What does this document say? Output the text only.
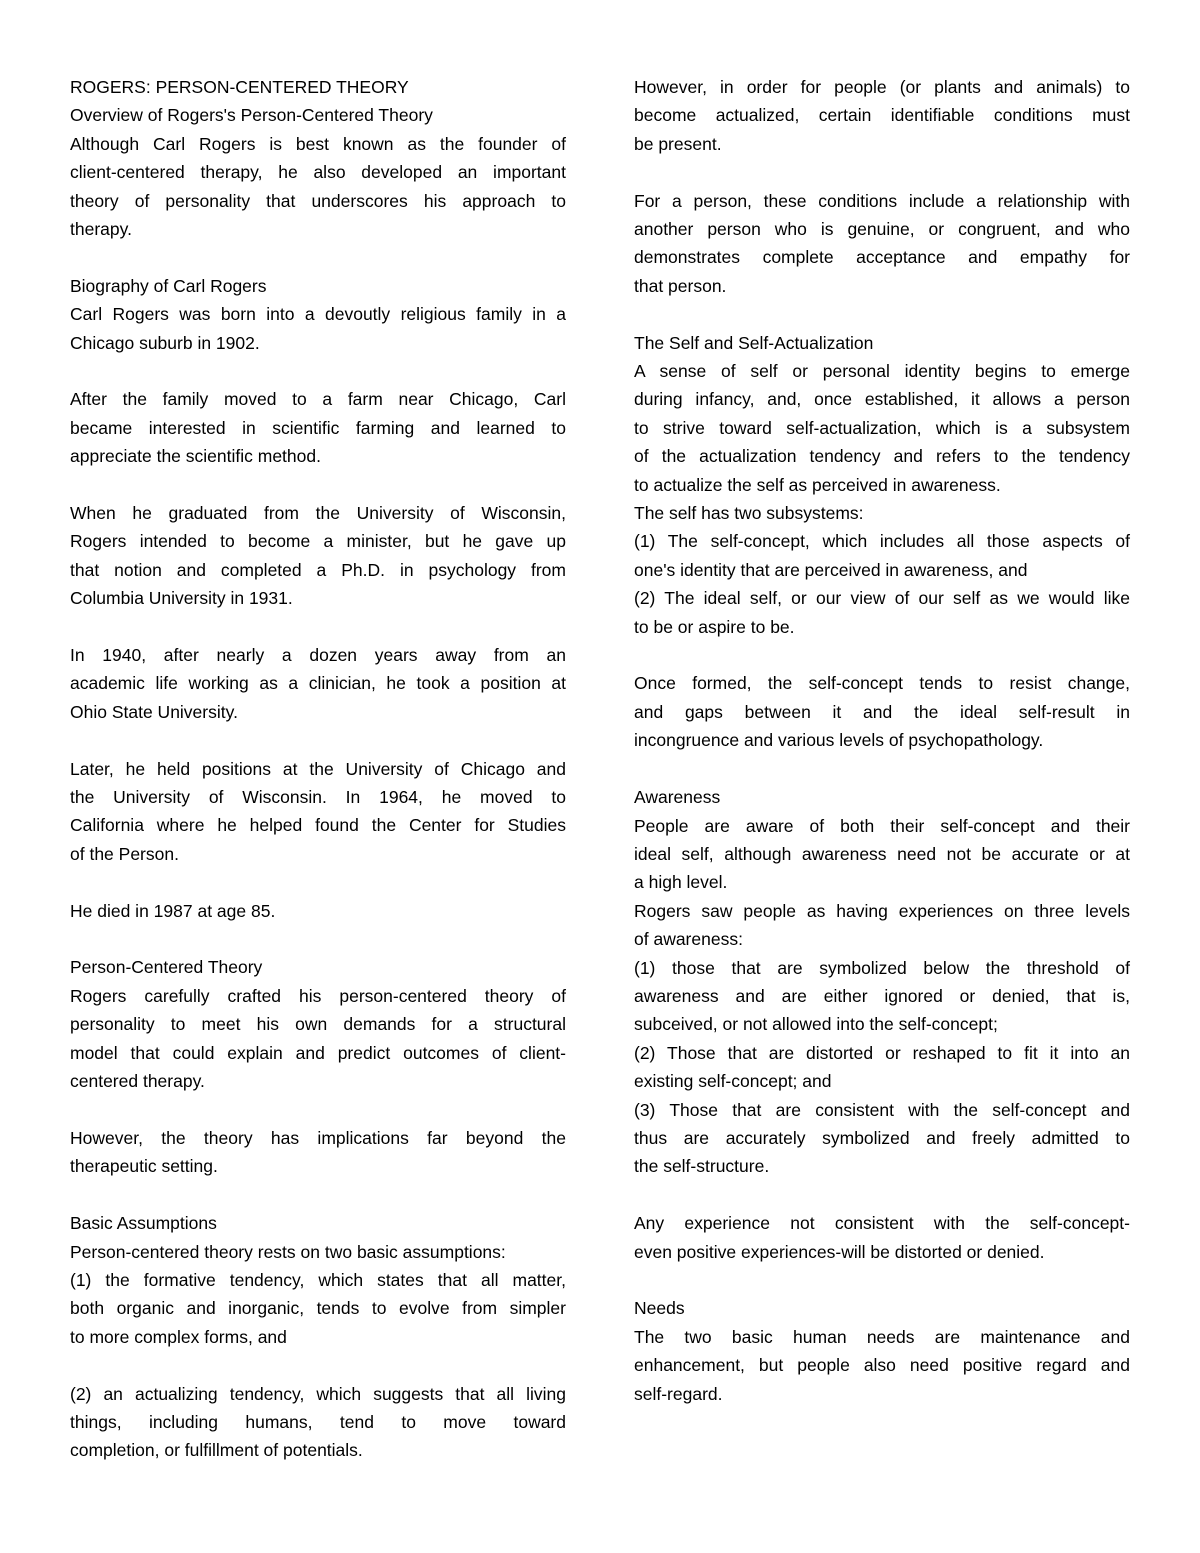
ROGERS: PERSON-CENTERED THEORY
Overview of Rogers's Person-Centered Theory
Although Carl Rogers is best known as the founder of
client-centered therapy, he also developed an important
theory of personality that underscores his approach to
therapy.
Biography of Carl Rogers
Carl Rogers was born into a devoutly religious family in a
Chicago suburb in 1902.
After the family moved to a farm near Chicago, Carl
became interested in scientific farming and learned to
appreciate the scientific method.
When he graduated from the University of Wisconsin,
Rogers intended to become a minister, but he gave up
that notion and completed a Ph.D. in psychology from
Columbia University in 1931.
In 1940, after nearly a dozen years away from an
academic life working as a clinician, he took a position at
Ohio State University.
Later, he held positions at the University of Chicago and
the University of Wisconsin. In 1964, he moved to
California where he helped found the Center for Studies
of the Person.
He died in 1987 at age 85.
Person-Centered Theory
Rogers carefully crafted his person-centered theory of
personality to meet his own demands for a structural
model that could explain and predict outcomes of client-
centered therapy.
However, the theory has implications far beyond the
therapeutic setting.
Basic Assumptions
Person-centered theory rests on two basic assumptions:
(1) the formative tendency, which states that all matter,
both organic and inorganic, tends to evolve from simpler
to more complex forms, and
(2) an actualizing tendency, which suggests that all living
things, including humans, tend to move toward
completion, or fulfillment of potentials.
However, in order for people (or plants and animals) to
become actualized, certain identifiable conditions must
be present.
For a person, these conditions include a relationship with
another person who is genuine, or congruent, and who
demonstrates complete acceptance and empathy for
that person.
The Self and Self-Actualization
A sense of self or personal identity begins to emerge
during infancy, and, once established, it allows a person
to strive toward self-actualization, which is a subsystem
of the actualization tendency and refers to the tendency
to actualize the self as perceived in awareness.
The self has two subsystems:
(1) The self-concept, which includes all those aspects of
one's identity that are perceived in awareness, and
(2) The ideal self, or our view of our self as we would like
to be or aspire to be.
Once formed, the self-concept tends to resist change,
and gaps between it and the ideal self-result in
incongruence and various levels of psychopathology.
Awareness
People are aware of both their self-concept and their
ideal self, although awareness need not be accurate or at
a high level.
Rogers saw people as having experiences on three levels
of awareness:
(1) those that are symbolized below the threshold of
awareness and are either ignored or denied, that is,
subceived, or not allowed into the self-concept;
(2) Those that are distorted or reshaped to fit it into an
existing self-concept; and
(3) Those that are consistent with the self-concept and
thus are accurately symbolized and freely admitted to
the self-structure.
Any experience not consistent with the self-concept-
even positive experiences-will be distorted or denied.
Needs
The two basic human needs are maintenance and
enhancement, but people also need positive regard and
self-regard.
